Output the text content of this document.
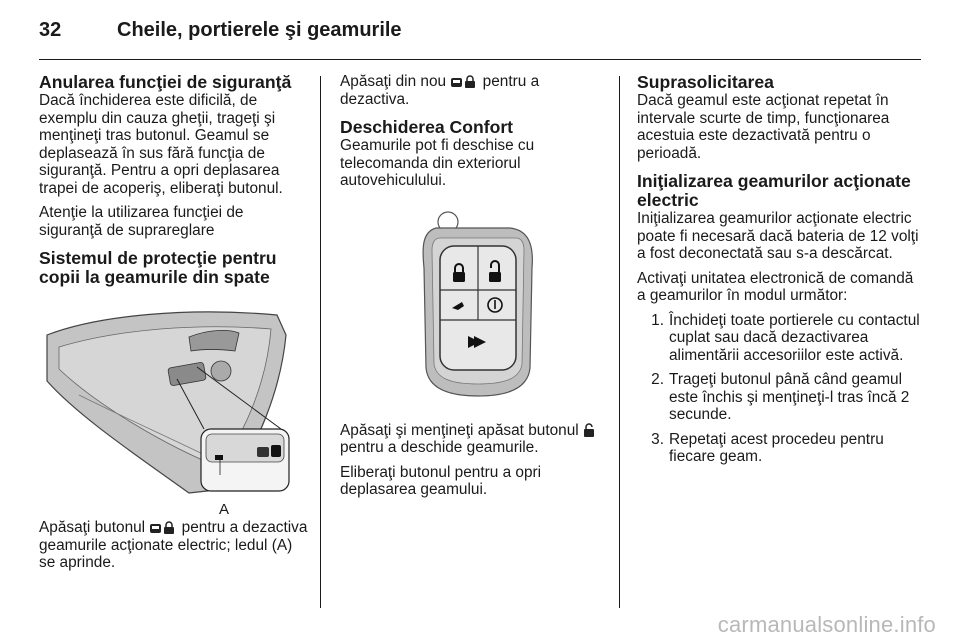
32	Cheile, portierele şi geamurile
Anularea funcţiei de siguranţă

Dacă închiderea este dificilă, de exemplu din cauza gheţii, trageţi şi menţineţi tras butonul. Geamul se deplasează în sus fără funcţia de siguranţă. Pentru a opri deplasarea trapei de acoperiş, eliberaţi butonul.

Atenţie la utilizarea funcţiei de siguranţă de suprareglare

Sistemul de protecţie pentru copii la geamurile din spate
A

Apăsaţi butonul pentru a dezactiva geamurile acţionate electric; ledul (A) se aprinde.

Apăsaţi din nou pentru a dezactiva.

Deschiderea Confort

Geamurile pot fi deschise cu telecomanda din exteriorul autovehiculului.

Apăsaţi şi menţineţi apăsat butonul  pentru a deschide geamurile.

Eliberaţi butonul pentru a opri deplasarea geamului.

Suprasolicitarea

Dacă geamul este acţionat repetat în intervale scurte de timp, funcţionarea acestuia este dezactivată pentru o perioadă.

Iniţializarea geamurilor acţionate electric

Iniţializarea geamurilor acţionate electric poate fi necesară dacă bateria de 12 volţi a fost deconectată sau s-a descărcat.

Activaţi unitatea electronică de comandă a geamurilor în modul următor:

1. Închideţi toate portierele cu contactul cuplat sau dacă dezactivarea alimentării accesoriilor este activă.
2. Trageţi butonul până când geamul este închis şi menţineţi-l tras încă 2 secunde.
3. Repetaţi acest procedeu pentru fiecare geam.
carmanualsonline.info
